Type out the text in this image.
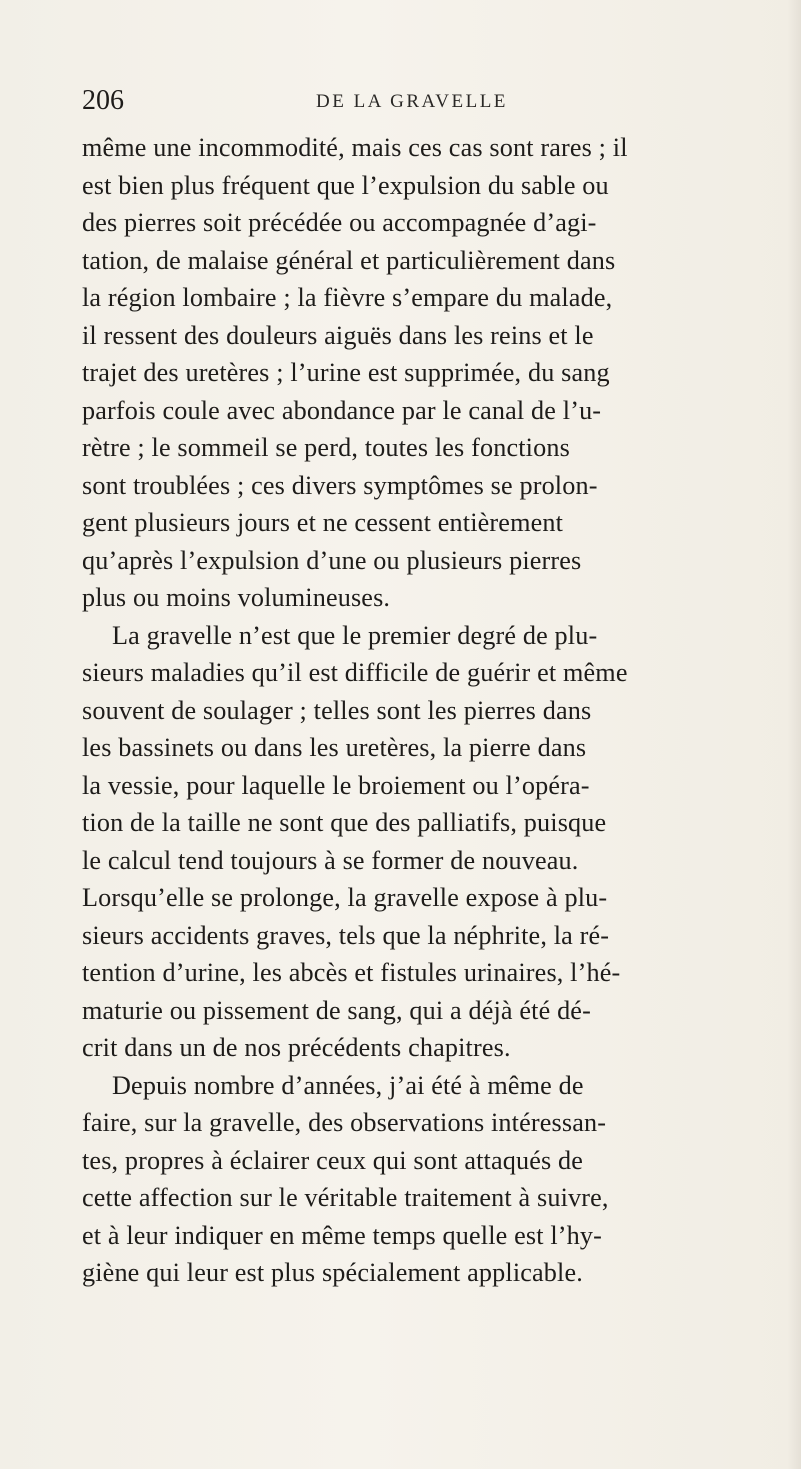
206	DE LA GRAVELLE
même une incommodité, mais ces cas sont rares ; il
est bien plus fréquent que l’expulsion du sable ou
des pierres soit précédée ou accompagnée d’agi-
tation, de malaise général et particulièrement dans
la région lombaire ; la fièvre s’empare du malade,
il ressent des douleurs aiguës dans les reins et le
trajet des uretères ; l’urine est supprimée, du sang
parfois coule avec abondance par le canal de l’u-
rètre ; le sommeil se perd, toutes les fonctions
sont troublées ; ces divers symptômes se prolon-
gent plusieurs jours et ne cessent entièrement
qu’après l’expulsion d’une ou plusieurs pierres
plus ou moins volumineuses.
La gravelle n’est que le premier degré de plu-
sieurs maladies qu’il est difficile de guérir et même
souvent de soulager ; telles sont les pierres dans
les bassinets ou dans les uretères, la pierre dans
la vessie, pour laquelle le broiement ou l’opéra-
tion de la taille ne sont que des palliatifs, puisque
le calcul tend toujours à se former de nouveau.
Lorsqu’elle se prolonge, la gravelle expose à plu-
sieurs accidents graves, tels que la néphrite, la ré-
tention d’urine, les abcès et fistules urinaires, l’hé-
maturie ou pissement de sang, qui a déjà été dé-
crit dans un de nos précédents chapitres.
Depuis nombre d’années, j’ai été à même de
faire, sur la gravelle, des observations intéressan-
tes, propres à éclairer ceux qui sont attaqués de
cette affection sur le véritable traitement à suivre,
et à leur indiquer en même temps quelle est l’hy-
giène qui leur est plus spécialement applicable.
